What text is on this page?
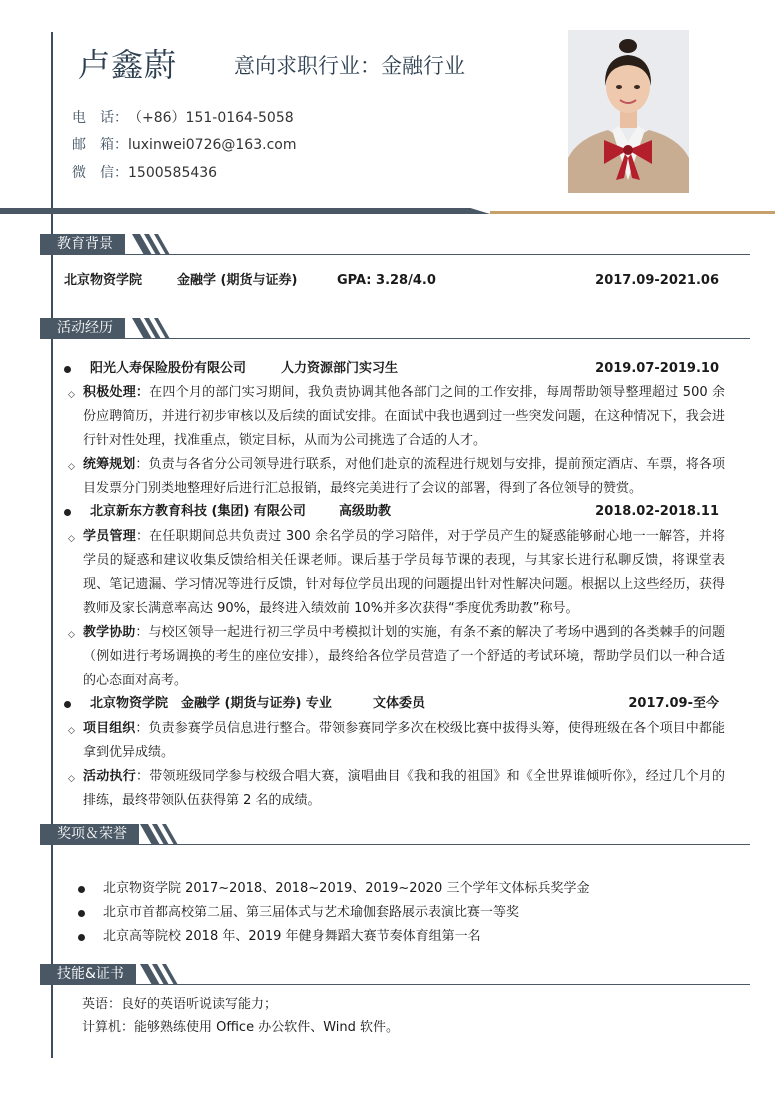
卢鑫蔚	意向求职行业：金融行业
电　话：（+86）151-0164-5058
邮　箱：luxinwei0726@163.com
微　信：1500585436
教育背景
北京物资学院	金融学 (期货与证券)	GPA: 3.28/4.0	2017.09-2021.06
活动经历
阳光人寿保险股份有限公司	人力资源部门实习生	2019.07-2019.10
◇ 积极处理：在四个月的部门实习期间，我负责协调其他各部门之间的工作安排，每周帮助领导整理超过 500 余份应聘简历，并进行初步审核以及后续的面试安排。在面试中我也遇到过一些突发问题，在这种情况下，我会进行针对性处理，找准重点，锁定目标，从而为公司挑选了合适的人才。
◇ 统筹规划：负责与各省分公司领导进行联系，对他们赴京的流程进行规划与安排，提前预定酒店、车票，将各项目发票分门别类地整理好后进行汇总报销，最终完美进行了会议的部署，得到了各位领导的赞赏。
北京新东方教育科技 (集团) 有限公司	高级助教	2018.02-2018.11
◇ 学员管理：在任职期间总共负责过 300 余名学员的学习陪伴，对于学员产生的疑惑能够耐心地一一解答，并将学员的疑惑和建议收集反馈给相关任课老师。课后基于学员每节课的表现，与其家长进行私聊反馈，将课堂表现、笔记遗漏、学习情况等进行反馈，针对每位学员出现的问题提出针对性解决问题。根据以上这些经历，获得教师及家长满意率高达 90%，最终进入绩效前 10%并多次获得“季度优秀助教”称号。
◇ 教学协助：与校区领导一起进行初三学员中考模拟计划的实施，有条不紊的解决了考场中遇到的各类棘手的问题（例如进行考场调换的考生的座位安排），最终给各位学员营造了一个舒适的考试环境，帮助学员们以一种合适的心态面对高考。
北京物资学院　金融学 (期货与证券) 专业	文体委员	2017.09-至今
◇ 项目组织：负责参赛学员信息进行整合。带领参赛同学多次在校级比赛中拔得头筹，使得班级在各个项目中都能拿到优异成绩。
◇ 活动执行：带领班级同学参与校级合唱大赛，演唱曲目《我和我的祖国》和《全世界谁倾听你》，经过几个月的排练，最终带领队伍获得第 2 名的成绩。
奖项＆荣誉
北京物资学院 2017~2018、2018~2019、2019~2020 三个学年文体标兵奖学金
北京市首都高校第二届、第三届体式与艺术瑜伽套路展示表演比赛一等奖
北京高等院校 2018 年、2019 年健身舞蹈大赛节奏体育组第一名
技能&证书
英语：良好的英语听说读写能力；
计算机：能够熟练使用 Office 办公软件、Wind 软件。
